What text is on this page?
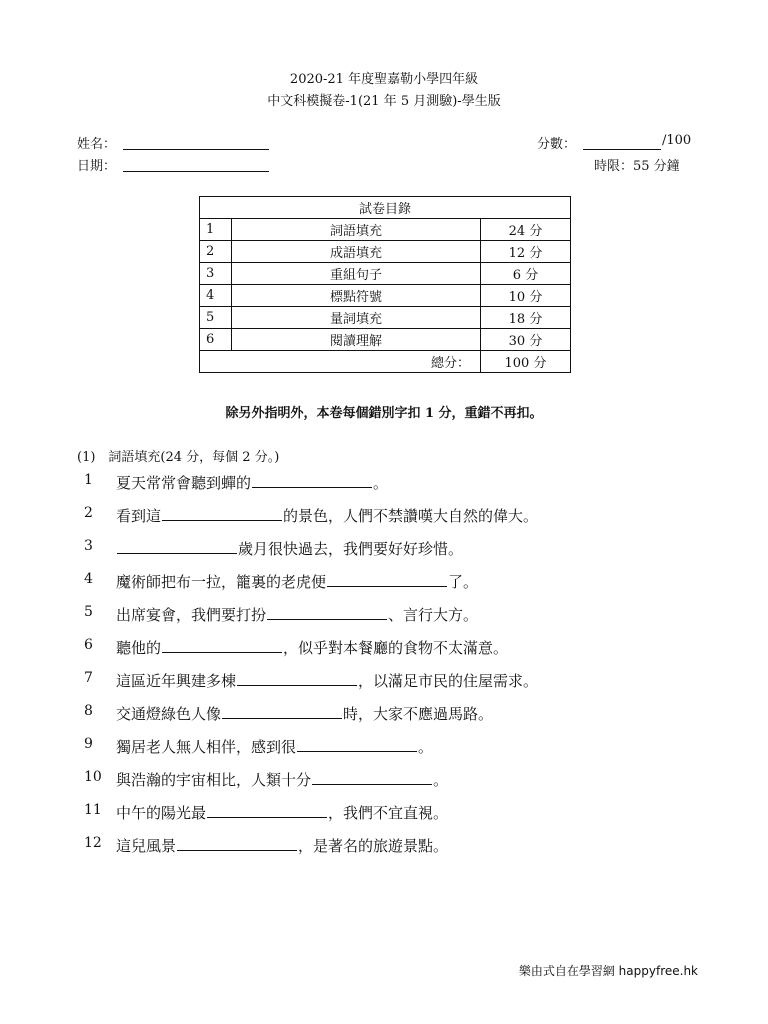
2020-21 年度聖嘉勒小學四年級
中文科模擬卷-1(21 年 5 月測驗)-學生版
姓名：
日期：
分數：	/100
時限：55 分鐘
試卷目錄		
1	詞語填充	24 分
2	成語填充	12 分
3	重組句子	6 分
4	標點符號	10 分
5	量詞填充	18 分
6	閱讀理解	30 分
總分：		100 分
除另外指明外，本卷每個錯別字扣 1 分，重錯不再扣。
(1)　詞語填充(24 分，每個 2 分。)
1	夏天常常會聽到蟬的	。
2	看到這	的景色，人們不禁讚嘆大自然的偉大。
3	歲月很快過去，我們要好好珍惜。
4	魔術師把布一拉，籠裏的老虎便	了。
5	出席宴會，我們要打扮	、言行大方。
6	聽他的	，似乎對本餐廳的食物不太滿意。
7	這區近年興建多棟	，以滿足市民的住屋需求。
8	交通燈綠色人像	時，大家不應過馬路。
9	獨居老人無人相伴，感到很	。
10 與浩瀚的宇宙相比，人類十分	。
11 中午的陽光最	，我們不宜直視。
12 這兒風景	，是著名的旅遊景點。
樂由式自在學習網 happyfree.hk
